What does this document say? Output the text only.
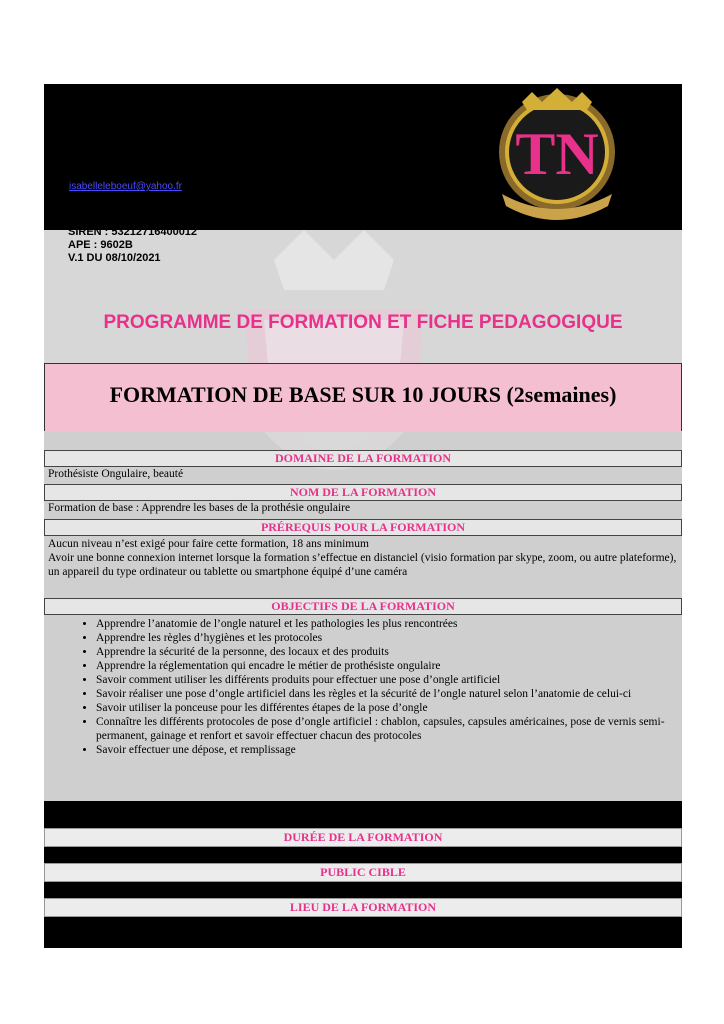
isabelleleboeuf@yahoo.fr	TN
SIREN : 53212716400012
APE : 9602B
V.1 DU 08/10/2021
PROGRAMME DE FORMATION ET FICHE PEDAGOGIQUE
FORMATION DE BASE SUR 10 JOURS (2semaines)
DOMAINE DE LA FORMATION
Prothésiste Ongulaire, beauté
NOM DE LA FORMATION
Formation de base : Apprendre les bases de la prothésie ongulaire
PRÉREQUIS POUR LA FORMATION
Aucun niveau n’est exigé pour faire cette formation, 18 ans minimum
Avoir une bonne connexion internet lorsque la formation s’effectue en distanciel (visio formation par skype, zoom, ou autre plateforme), un appareil du type ordinateur ou tablette ou smartphone équipé d’une caméra
OBJECTIFS DE LA FORMATION
• Apprendre l’anatomie de l’ongle naturel et les pathologies les plus rencontrées
• Apprendre les règles d’hygiènes et les protocoles
• Apprendre la sécurité de la personne, des locaux et des produits
• Apprendre la réglementation qui encadre le métier de prothésiste ongulaire
• Savoir comment utiliser les différents produits pour effectuer une pose d’ongle artificiel
• Savoir réaliser une pose d’ongle artificiel dans les règles et la sécurité de l’ongle naturel selon l’anatomie de celui-ci
• Savoir utiliser la ponceuse pour les différentes étapes de la pose d’ongle
• Connaître les différents protocoles de pose d’ongle artificiel : chablon, capsules, capsules américaines, pose de vernis semi-permanent, gainage et renfort et savoir effectuer chacun des protocoles
• Savoir effectuer une dépose, et remplissage
DURÉE DE LA FORMATION
PUBLIC CIBLE
LIEU DE LA FORMATION
